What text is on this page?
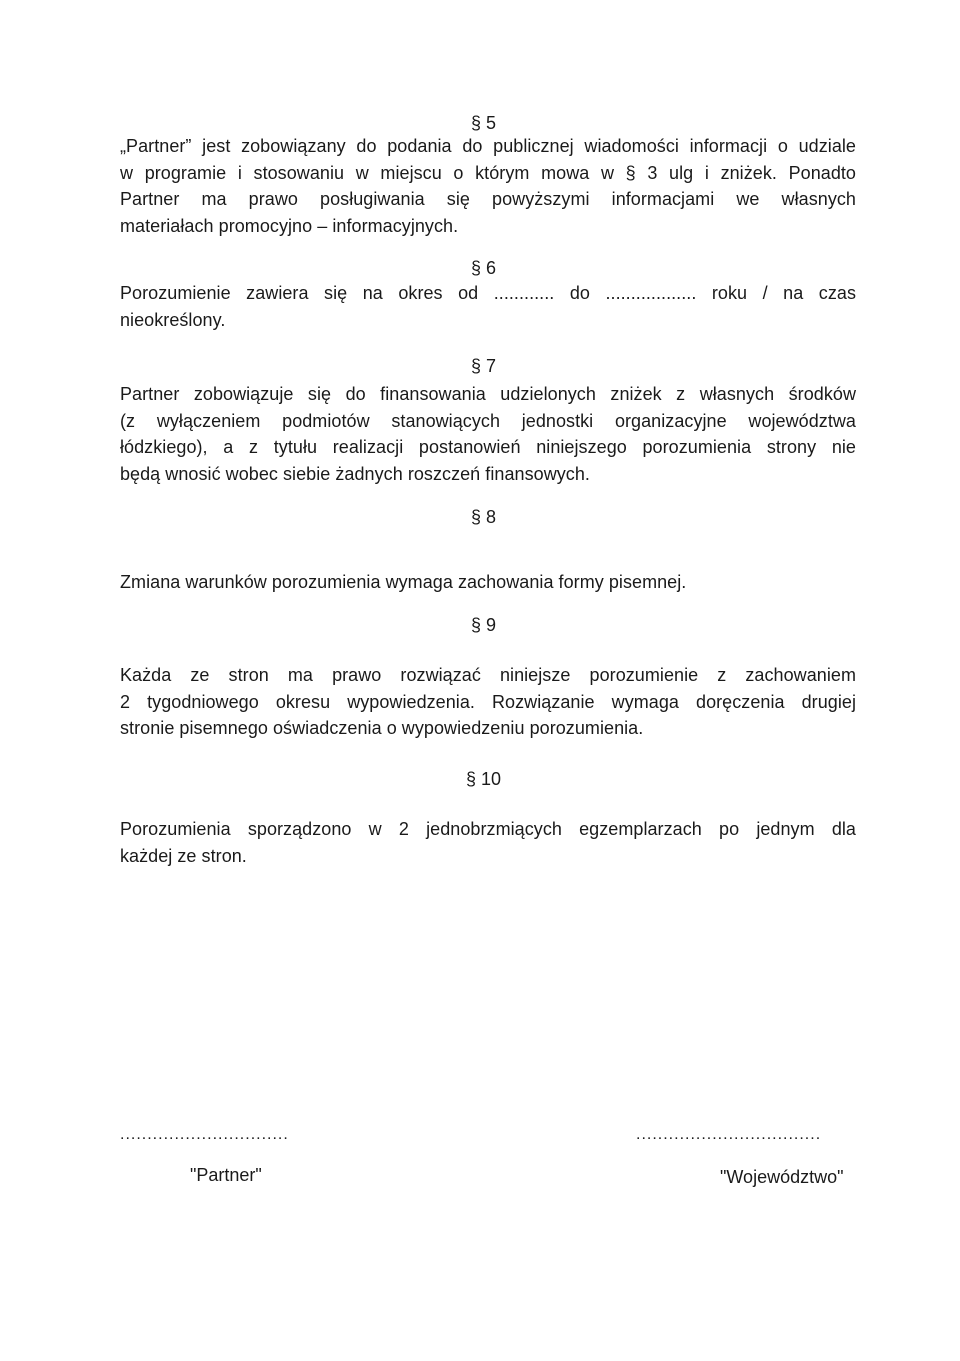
§ 5
„Partner” jest zobowiązany do podania do publicznej wiadomości informacji o udziale
w programie i stosowaniu w miejscu o którym mowa w § 3 ulg i zniżek. Ponadto
Partner ma prawo posługiwania się powyższymi informacjami we własnych
materiałach promocyjno – informacyjnych.
§ 6
Porozumienie zawiera się na okres od ............ do .................. roku / na czas
nieokreślony.
§ 7
Partner zobowiązuje się do finansowania udzielonych zniżek z własnych środków
(z wyłączeniem podmiotów stanowiących jednostki organizacyjne województwa
łódzkiego), a z tytułu realizacji postanowień niniejszego porozumienia strony nie
będą wnosić wobec siebie żadnych roszczeń finansowych.
§ 8
Zmiana warunków porozumienia wymaga zachowania formy pisemnej.
§ 9
Każda ze stron ma prawo rozwiązać niniejsze porozumienie z zachowaniem
2 tygodniowego okresu wypowiedzenia. Rozwiązanie wymaga doręczenia drugiej
stronie pisemnego oświadczenia o wypowiedzeniu porozumienia.
§ 10
Porozumienia sporządzono w 2 jednobrzmiących egzemplarzach po jednym dla
każdej ze stron.
...............................	..................................
"Partner"	"Województwo"
